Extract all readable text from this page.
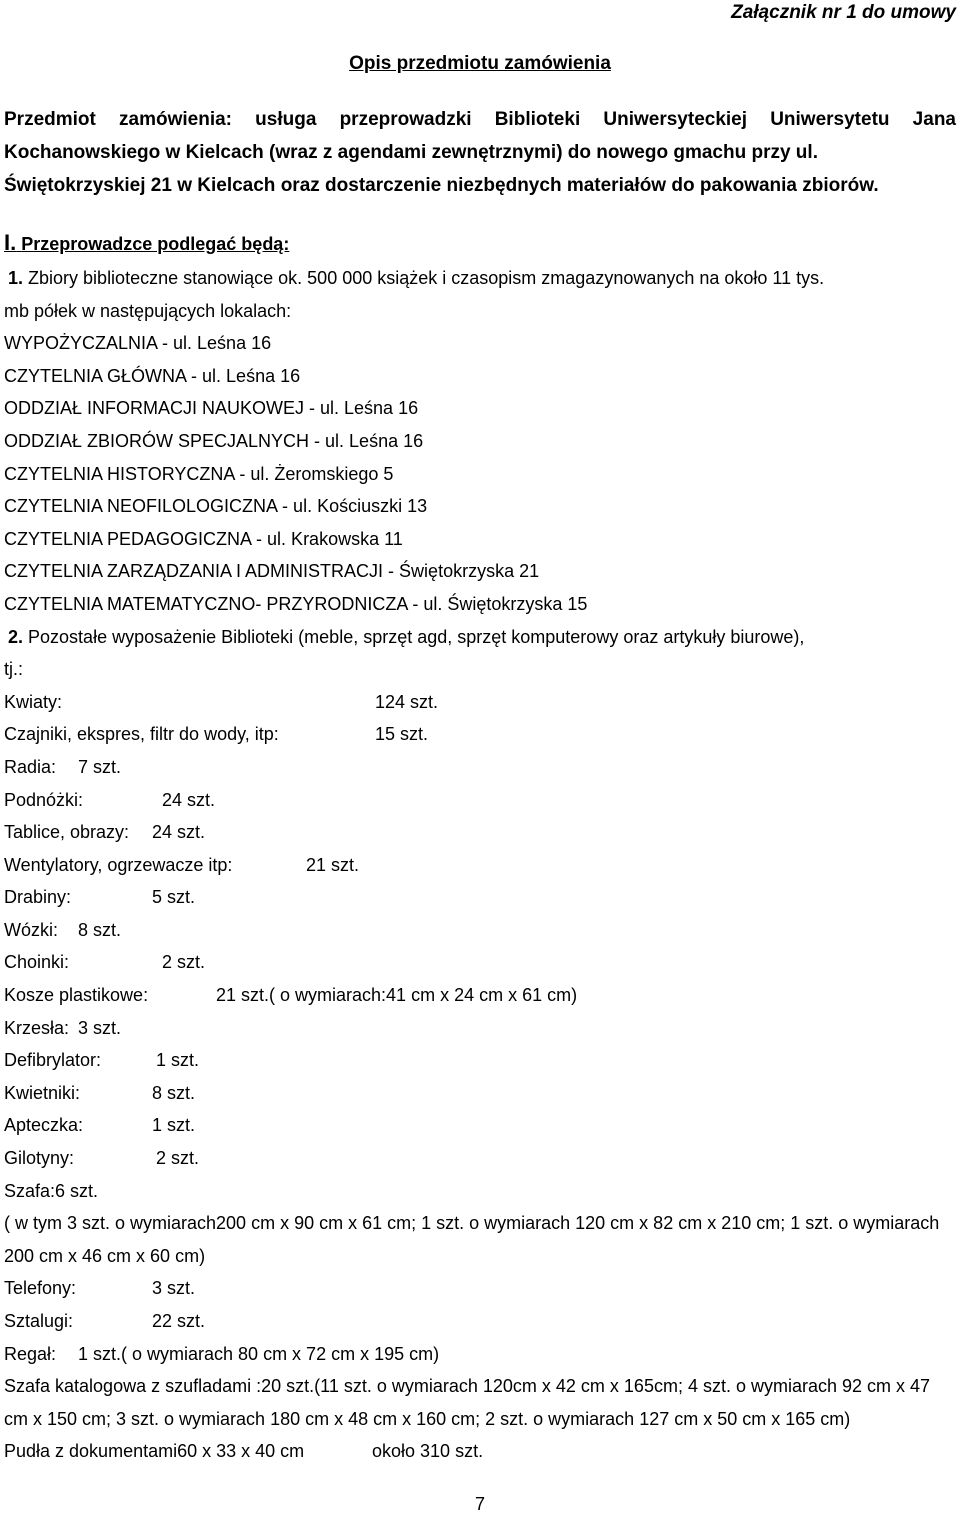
Załącznik nr 1 do umowy
Opis przedmiotu zamówienia
Przedmiot zamówienia: usługa przeprowadzki Biblioteki Uniwersyteckiej Uniwersytetu Jana Kochanowskiego w Kielcach (wraz z agendami zewnętrznymi) do nowego gmachu przy ul.
Świętokrzyskiej 21 w Kielcach oraz dostarczenie niezbędnych materiałów do pakowania zbiorów.
I. Przeprowadzce podlegać będą:
1. Zbiory biblioteczne stanowiące ok. 500 000 książek i czasopism zmagazynowanych na około 11 tys.
mb półek w następujących lokalach:
WYPOŻYCZALNIA - ul. Leśna 16
CZYTELNIA GŁÓWNA - ul. Leśna 16
ODDZIAŁ INFORMACJI NAUKOWEJ - ul. Leśna 16
ODDZIAŁ ZBIORÓW SPECJALNYCH - ul. Leśna 16
CZYTELNIA HISTORYCZNA - ul. Żeromskiego 5
CZYTELNIA NEOFILOLOGICZNA - ul. Kościuszki 13
CZYTELNIA PEDAGOGICZNA - ul. Krakowska 11
CZYTELNIA ZARZĄDZANIA I ADMINISTRACJI - Świętokrzyska 21
CZYTELNIA MATEMATYCZNO- PRZYRODNICZA - ul. Świętokrzyska 15
2. Pozostałe wyposażenie Biblioteki (meble, sprzęt agd, sprzęt komputerowy oraz artykuły biurowe),
tj.:
Kwiaty:	124 szt.
Czajniki, ekspres, filtr do wody, itp:	15 szt.
Radia: 7 szt.
Podnóżki:	24 szt.
Tablice, obrazy: 24 szt.
Wentylatory, ogrzewacze itp:	21 szt.
Drabiny:	5 szt.
Wózki: 8 szt.
Choinki:	2 szt.
Kosze plastikowe:	21 szt.( o wymiarach:41 cm x 24 cm x 61 cm)
Krzesła: 3 szt.
Defibrylator:	1 szt.
Kwietniki:	8 szt.
Apteczka:	1 szt.
Gilotyny:	2 szt.
Szafa:6 szt.
( w tym 3 szt. o wymiarach200 cm x 90 cm x 61 cm; 1 szt. o wymiarach 120 cm x 82 cm x 210 cm; 1 szt. o wymiarach 200 cm x 46 cm x 60 cm)
Telefony:	3 szt.
Sztalugi:	22 szt.
Regał: 1 szt.( o wymiarach 80 cm x 72 cm x 195 cm)
Szafa katalogowa z szufladami :20 szt.(11 szt. o wymiarach 120cm x 42 cm x 165cm; 4 szt. o wymiarach 92 cm x 47 cm x 150 cm; 3 szt. o wymiarach 180 cm x 48 cm x 160 cm; 2 szt. o wymiarach 127 cm x 50 cm x 165 cm)
Pudła z dokumentami60 x 33 x 40 cm	około 310 szt.
7
